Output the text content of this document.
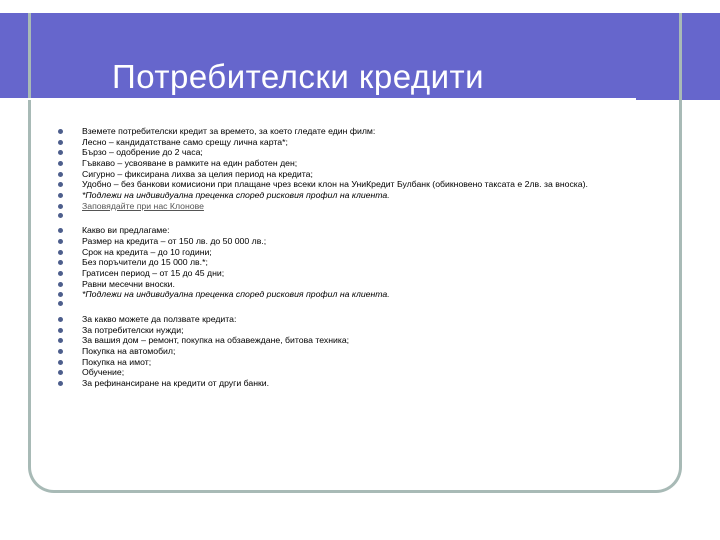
Потребителски кредити
Вземете потребителски кредит за времето, за което гледате един филм:
Лесно – кандидатстване само срещу лична карта*;
Бързо – одобрение до 2 часа;
Гъвкаво – усвояване в рамките на един работен ден;
Сигурно – фиксирана лихва за целия период на кредита;
Удобно – без банкови комисиони при плащане чрез всеки клон на УниКредит Булбанк (обикновено таксата е 2лв. за вноска).
*Подлежи на индивидуална преценка според рисковия профил на клиента.
Заповядайте при нас Клонове
Какво ви предлагаме:
Размер на кредита – от 150 лв. до 50 000 лв.;
Срок на кредита – до 10 години;
Без поръчители до 15 000 лв.*;
Гратисен период – от 15 до 45 дни;
Равни месечни вноски.
*Подлежи на индивидуална преценка според рисковия профил на клиента.
За какво можете да ползвате кредита:
За потребителски нужди;
За вашия дом – ремонт, покупка на обзавеждане, битова техника;
Покупка на автомобил;
Покупка на имот;
Обучение;
За рефинансиране на кредити от други банки.
